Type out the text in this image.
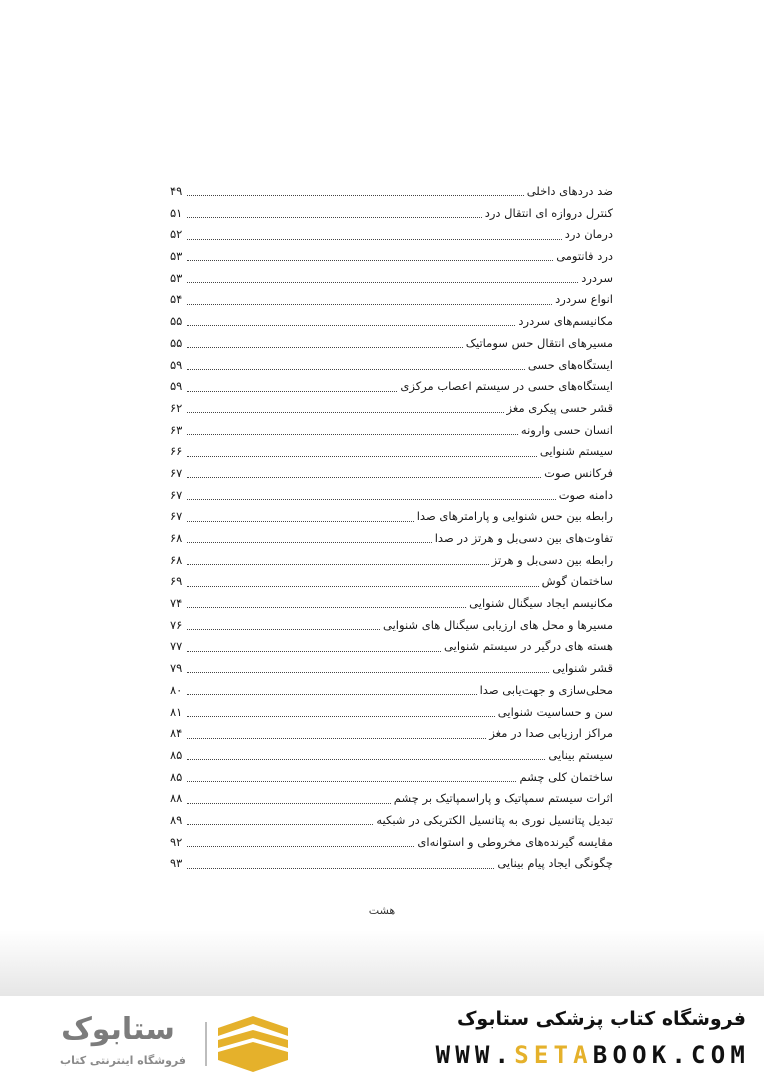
ضد دردهای داخلی
۴۹
کنترل دروازه ای انتقال درد
۵۱
درمان درد
۵۲
درد فانتومی
۵۳
سردرد
۵۳
انواع سردرد
۵۴
مکانیسم‌های سردرد
۵۵
مسیرهای انتقال حس سوماتیک
۵۵
ایستگاه‌های حسی
۵۹
ایستگاه‌های حسی در سیستم اعصاب مرکزی
۵۹
قشر حسی پیکری مغز
۶۲
انسان حسی وارونه
۶۳
سیستم شنوایی
۶۶
فرکانس صوت
۶۷
دامنه صوت
۶۷
رابطه بین حس شنوایی و پارامترهای صدا
۶۷
تفاوت‌های بین دسی‌بل و هرتز در صدا
۶۸
رابطه بین دسی‌بل و هرتز
۶۸
ساختمان گوش
۶۹
مکانیسم ایجاد سیگنال شنوایی
۷۴
مسیرها و محل های ارزیابی سیگنال های شنوایی
۷۶
هسته های درگیر در سیستم شنوایی
۷۷
قشر شنوایی
۷۹
محلی‌سازی و جهت‌یابی صدا
۸۰
سن و حساسیت شنوایی
۸۱
مراکز ارزیابی صدا در مغز
۸۴
سیستم بینایی
۸۵
ساختمان کلی چشم
۸۵
اثرات سیستم سمپاتیک و پاراسمپاتیک بر چشم
۸۸
تبدیل پتانسیل نوری به پتانسیل الکتریکی در شبکیه
۸۹
مقایسه گیرنده‌های مخروطی و استوانه‌ای
۹۲
چگونگی ایجاد پیام بینایی
۹۳
هشت
ستابوک
فروشگاه اینترنتی کتاب
فروشگاه کتاب پزشکی ستابوک
WWW.SETABOOK.COM
